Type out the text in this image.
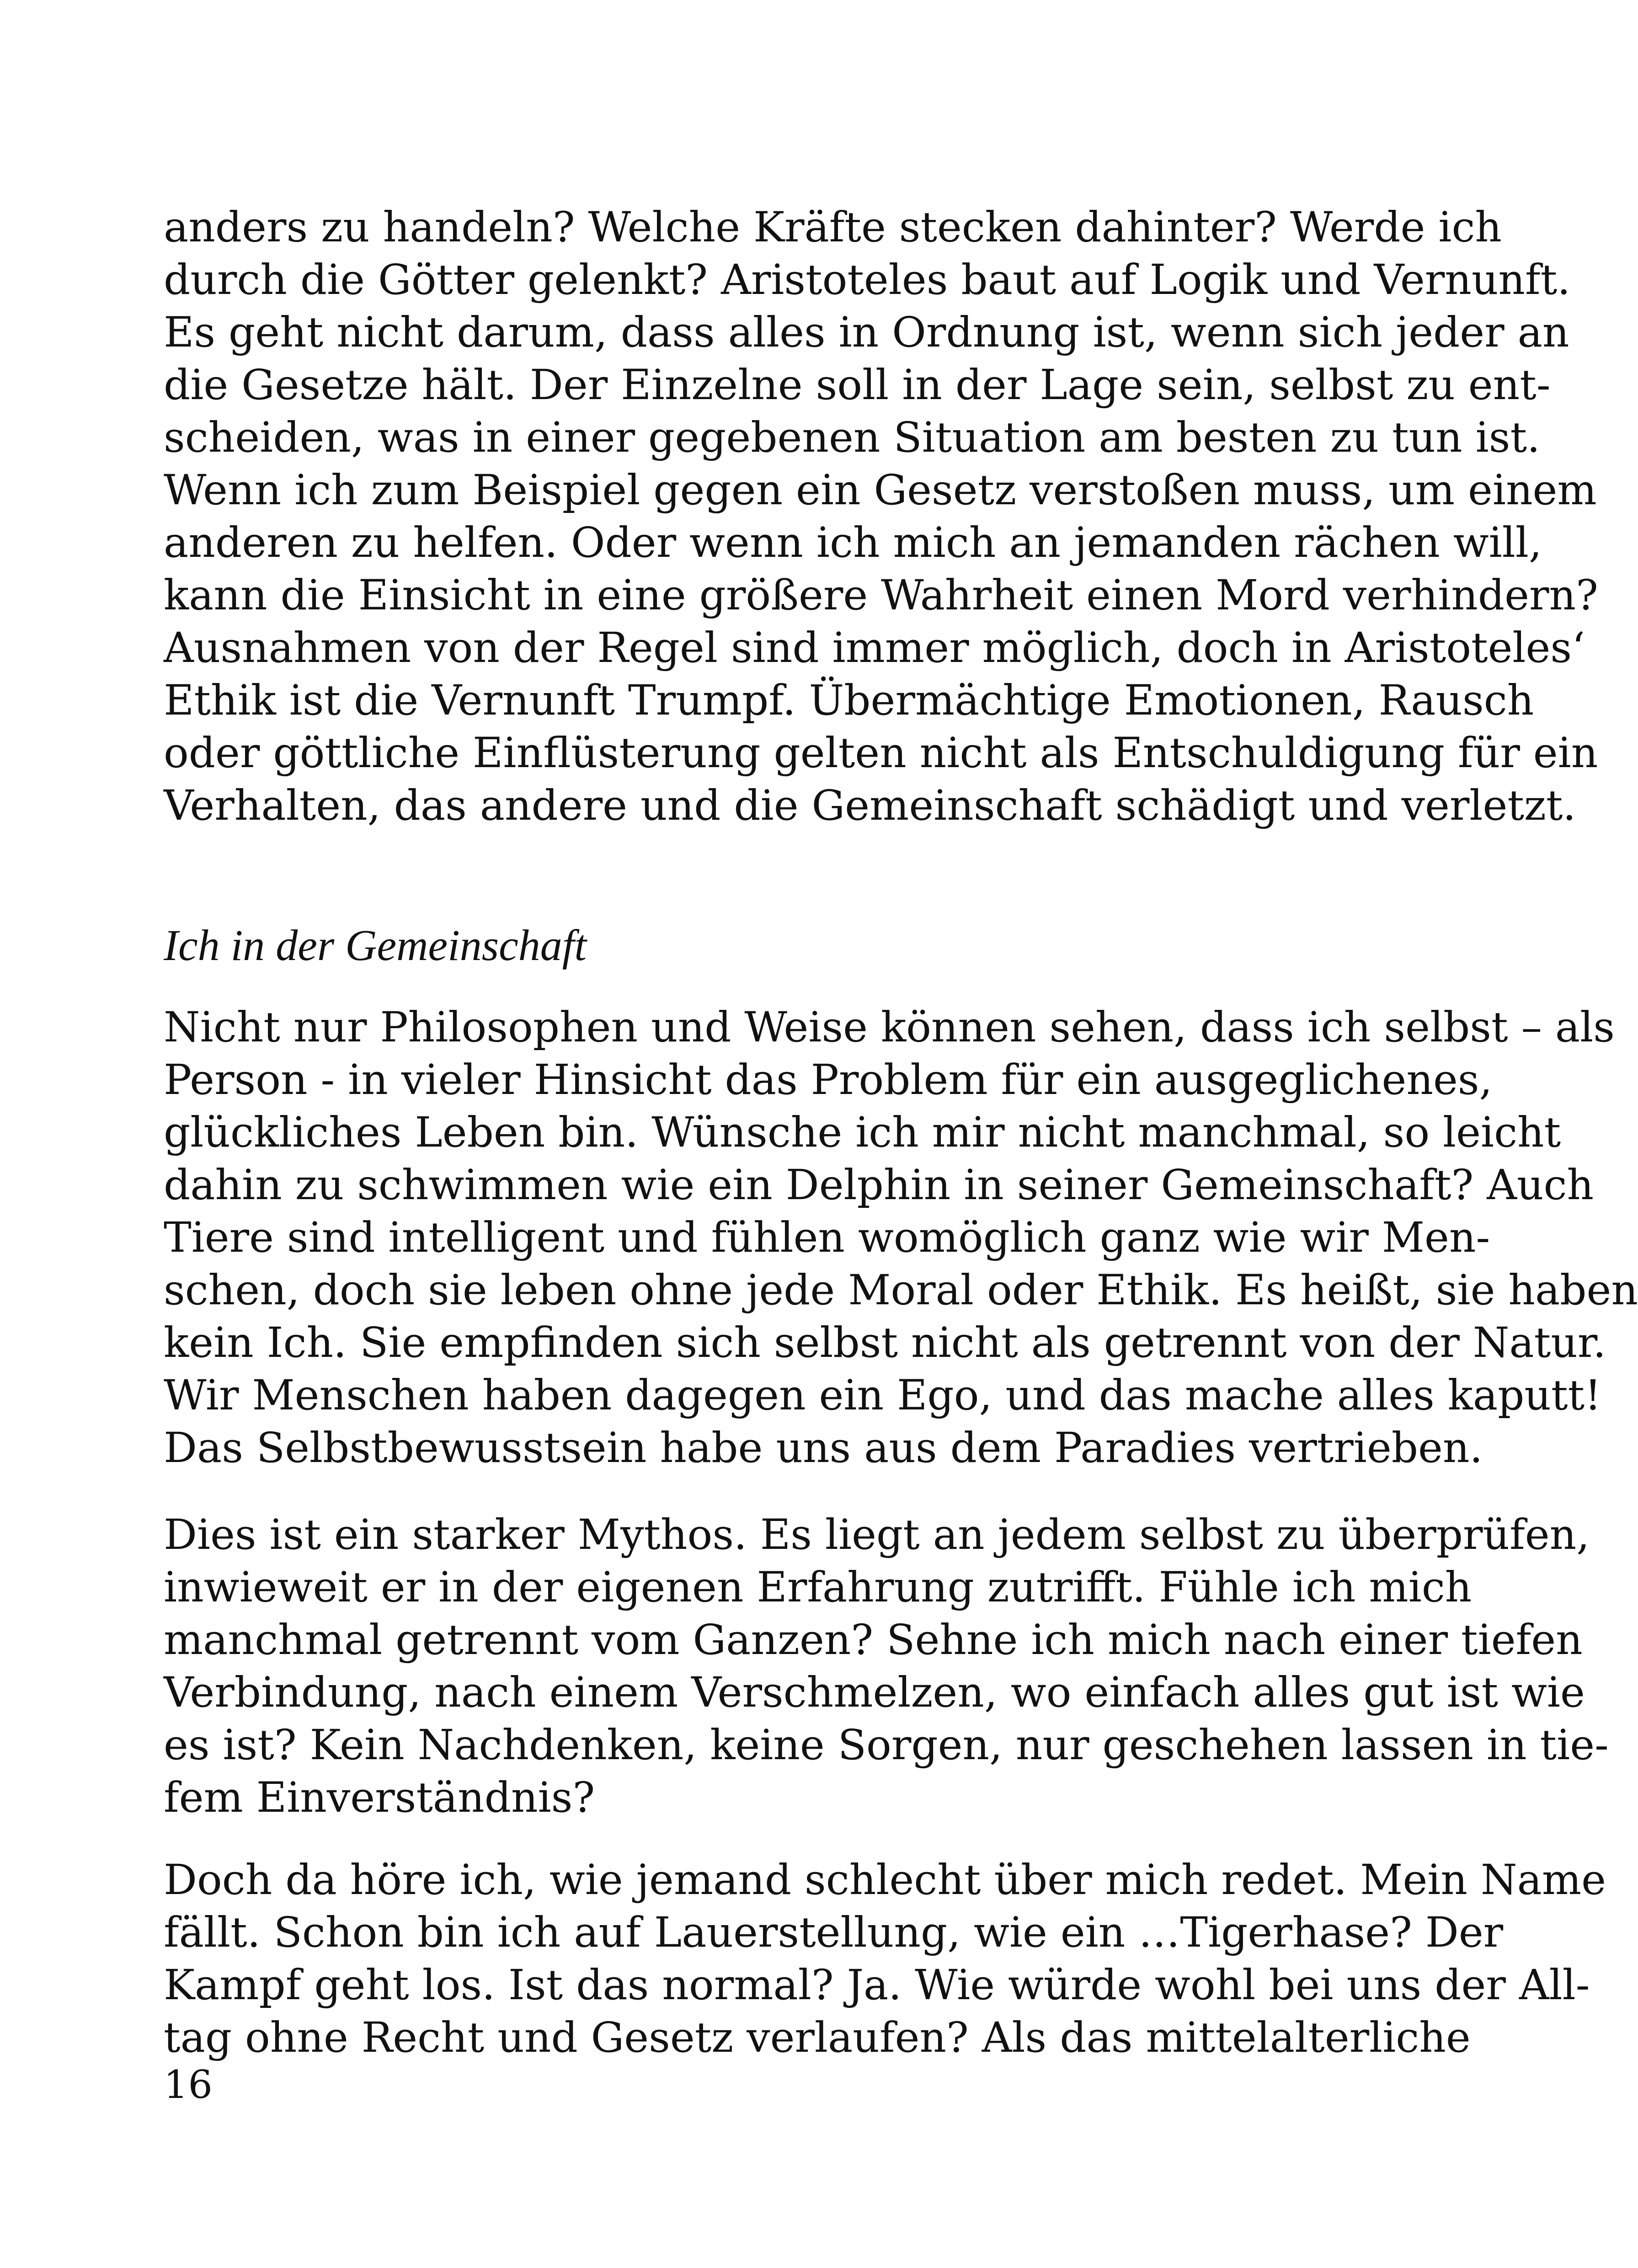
anders zu handeln? Welche Kräfte stecken dahinter? Werde ich
durch die Götter gelenkt? Aristoteles baut auf Logik und Vernunft.
Es geht nicht darum, dass alles in Ordnung ist, wenn sich jeder an
die Gesetze hält. Der Einzelne soll in der Lage sein, selbst zu ent-
scheiden, was in einer gegebenen Situation am besten zu tun ist.
Wenn ich zum Beispiel gegen ein Gesetz verstoßen muss, um einem
anderen zu helfen. Oder wenn ich mich an jemanden rächen will,
kann die Einsicht in eine größere Wahrheit einen Mord verhindern?
Ausnahmen von der Regel sind immer möglich, doch in Aristoteles‘
Ethik ist die Vernunft Trumpf. Übermächtige Emotionen, Rausch
oder göttliche Einflüsterung gelten nicht als Entschuldigung für ein
Verhalten, das andere und die Gemeinschaft schädigt und verletzt.
Ich in der Gemeinschaft
Nicht nur Philosophen und Weise können sehen, dass ich selbst – als
Person - in vieler Hinsicht das Problem für ein ausgeglichenes,
glückliches Leben bin. Wünsche ich mir nicht manchmal, so leicht
dahin zu schwimmen wie ein Delphin in seiner Gemeinschaft? Auch
Tiere sind intelligent und fühlen womöglich ganz wie wir Men-
schen, doch sie leben ohne jede Moral oder Ethik. Es heißt, sie haben
kein Ich. Sie empfinden sich selbst nicht als getrennt von der Natur.
Wir Menschen haben dagegen ein Ego, und das mache alles kaputt!
Das Selbstbewusstsein habe uns aus dem Paradies vertrieben.
Dies ist ein starker Mythos. Es liegt an jedem selbst zu überprüfen,
inwieweit er in der eigenen Erfahrung zutrifft. Fühle ich mich
manchmal getrennt vom Ganzen? Sehne ich mich nach einer tiefen
Verbindung, nach einem Verschmelzen, wo einfach alles gut ist wie
es ist? Kein Nachdenken, keine Sorgen, nur geschehen lassen in tie-
fem Einverständnis?
Doch da höre ich, wie jemand schlecht über mich redet. Mein Name
fällt. Schon bin ich auf Lauerstellung, wie ein …Tigerhase? Der
Kampf geht los. Ist das normal? Ja. Wie würde wohl bei uns der All-
tag ohne Recht und Gesetz verlaufen? Als das mittelalterliche
16
